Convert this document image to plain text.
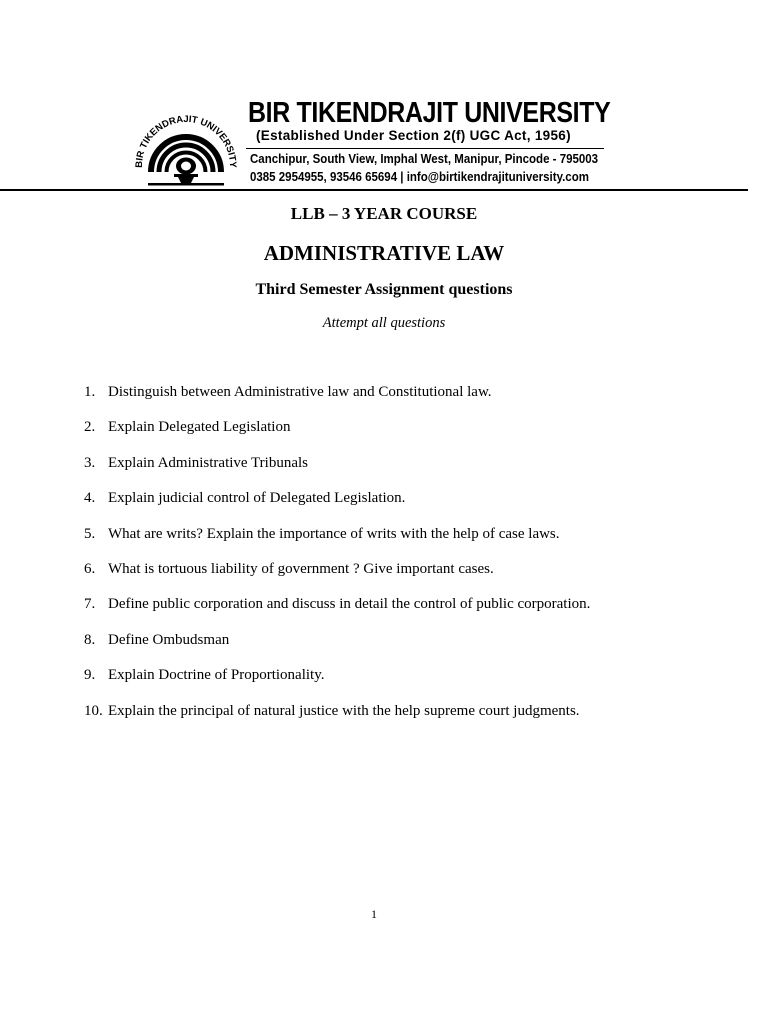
BIR TIKENDRAJIT UNIVERSITY
BIR TIKENDRAJIT UNIVERSITY
(Established Under Section 2(f) UGC Act, 1956)
Canchipur, South View, Imphal West, Manipur, Pincode - 795003
0385 2954955, 93546 65694 | info@birtikendrajituniversity.com
LLB – 3 YEAR COURSE
ADMINISTRATIVE LAW
Third Semester Assignment questions
Attempt all questions
1. Distinguish between Administrative law and Constitutional law.
2. Explain Delegated Legislation
3. Explain Administrative Tribunals
4. Explain judicial control of Delegated Legislation.
5. What are writs? Explain the importance of writs with the help of case laws.
6. What is tortuous liability of government ? Give important cases.
7. Define public corporation and discuss in detail the control of public corporation.
8. Define Ombudsman
9. Explain Doctrine of Proportionality.
10. Explain the principal of natural justice with the help supreme court judgments.
1
